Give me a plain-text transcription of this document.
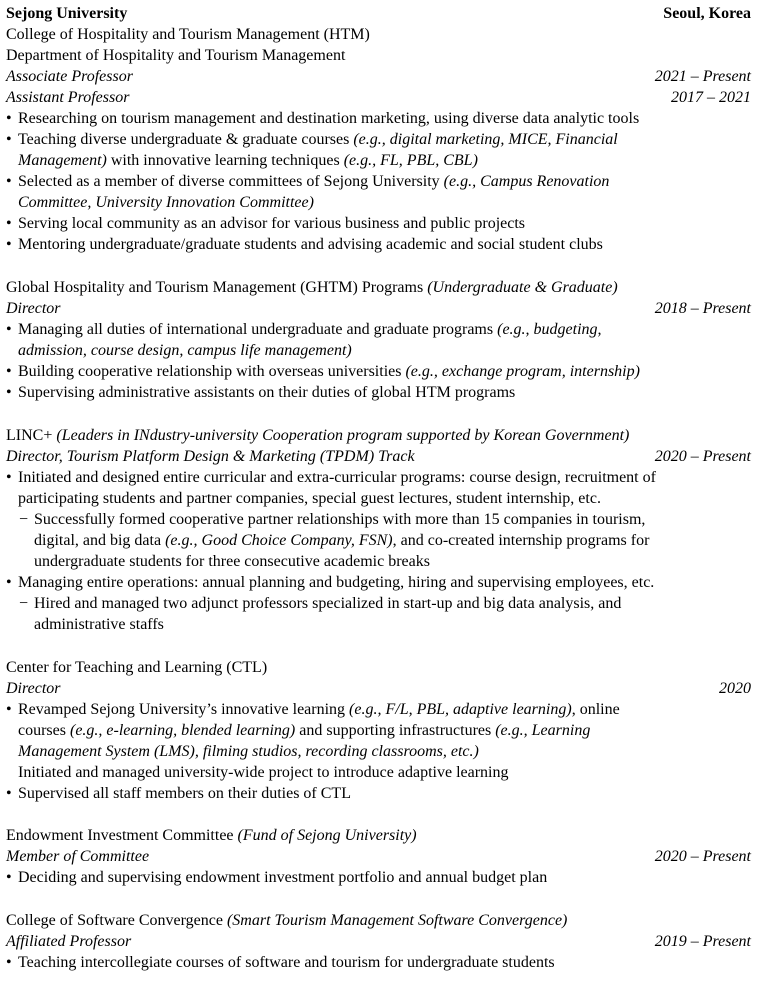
Sejong University	Seoul, Korea
College of Hospitality and Tourism Management (HTM)
Department of Hospitality and Tourism Management
Associate Professor	2021 – Present
Assistant Professor	2017 – 2021
• Researching on tourism management and destination marketing, using diverse data analytic tools
• Teaching diverse undergraduate & graduate courses (e.g., digital marketing, MICE, Financial
Management) with innovative learning techniques (e.g., FL, PBL, CBL)
• Selected as a member of diverse committees of Sejong University (e.g., Campus Renovation
Committee, University Innovation Committee)
• Serving local community as an advisor for various business and public projects
• Mentoring undergraduate/graduate students and advising academic and social student clubs
Global Hospitality and Tourism Management (GHTM) Programs (Undergraduate & Graduate)
Director	2018 – Present
• Managing all duties of international undergraduate and graduate programs (e.g., budgeting,
admission, course design, campus life management)
• Building cooperative relationship with overseas universities (e.g., exchange program, internship)
• Supervising administrative assistants on their duties of global HTM programs
LINC+ (Leaders in INdustry-university Cooperation program supported by Korean Government)
Director, Tourism Platform Design & Marketing (TPDM) Track	2020 – Present
• Initiated and designed entire curricular and extra-curricular programs: course design, recruitment of
participating students and partner companies, special guest lectures, student internship, etc.
− Successfully formed cooperative partner relationships with more than 15 companies in tourism,
digital, and big data (e.g., Good Choice Company, FSN), and co-created internship programs for
undergraduate students for three consecutive academic breaks
• Managing entire operations: annual planning and budgeting, hiring and supervising employees, etc.
− Hired and managed two adjunct professors specialized in start-up and big data analysis, and
administrative staffs
Center for Teaching and Learning (CTL)
Director	2020
• Revamped Sejong University’s innovative learning (e.g., F/L, PBL, adaptive learning), online
courses (e.g., e-learning, blended learning) and supporting infrastructures (e.g., Learning
Management System (LMS), filming studios, recording classrooms, etc.)
Initiated and managed university-wide project to introduce adaptive learning
• Supervised all staff members on their duties of CTL
Endowment Investment Committee (Fund of Sejong University)
Member of Committee	2020 – Present
• Deciding and supervising endowment investment portfolio and annual budget plan
College of Software Convergence (Smart Tourism Management Software Convergence)
Affiliated Professor	2019 – Present
• Teaching intercollegiate courses of software and tourism for undergraduate students
